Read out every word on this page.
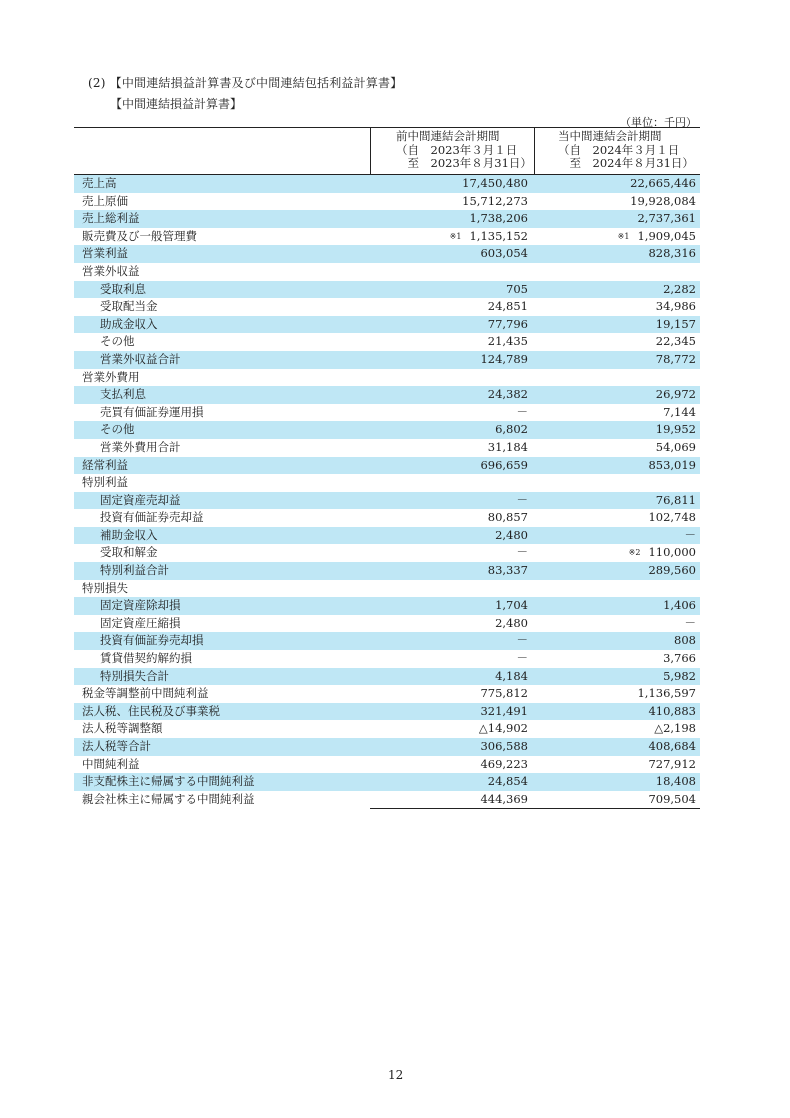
(2) 【中間連結損益計算書及び中間連結包括利益計算書】
【中間連結損益計算書】
（単位：千円）
前中間連結会計期間
（自　2023年３月１日
　至　2023年８月31日）
当中間連結会計期間
（自　2024年３月１日
　至　2024年８月31日）
売上高	17,450,480	22,665,446
売上原価	15,712,273	19,928,084
売上総利益	1,738,206	2,737,361
販売費及び一般管理費	※1 1,135,152	※1 1,909,045
営業利益	603,054	828,316
営業外収益
受取利息	705	2,282
受取配当金	24,851	34,986
助成金収入	77,796	19,157
その他	21,435	22,345
営業外収益合計	124,789	78,772
営業外費用
支払利息	24,382	26,972
売買有価証券運用損	－	7,144
その他	6,802	19,952
営業外費用合計	31,184	54,069
経常利益	696,659	853,019
特別利益
固定資産売却益	－	76,811
投資有価証券売却益	80,857	102,748
補助金収入	2,480	－
受取和解金	－	※2 110,000
特別利益合計	83,337	289,560
特別損失
固定資産除却損	1,704	1,406
固定資産圧縮損	2,480	－
投資有価証券売却損	－	808
賃貸借契約解約損	－	3,766
特別損失合計	4,184	5,982
税金等調整前中間純利益	775,812	1,136,597
法人税、住民税及び事業税	321,491	410,883
法人税等調整額	△14,902	△2,198
法人税等合計	306,588	408,684
中間純利益	469,223	727,912
非支配株主に帰属する中間純利益	24,854	18,408
親会社株主に帰属する中間純利益	444,369	709,504
12
